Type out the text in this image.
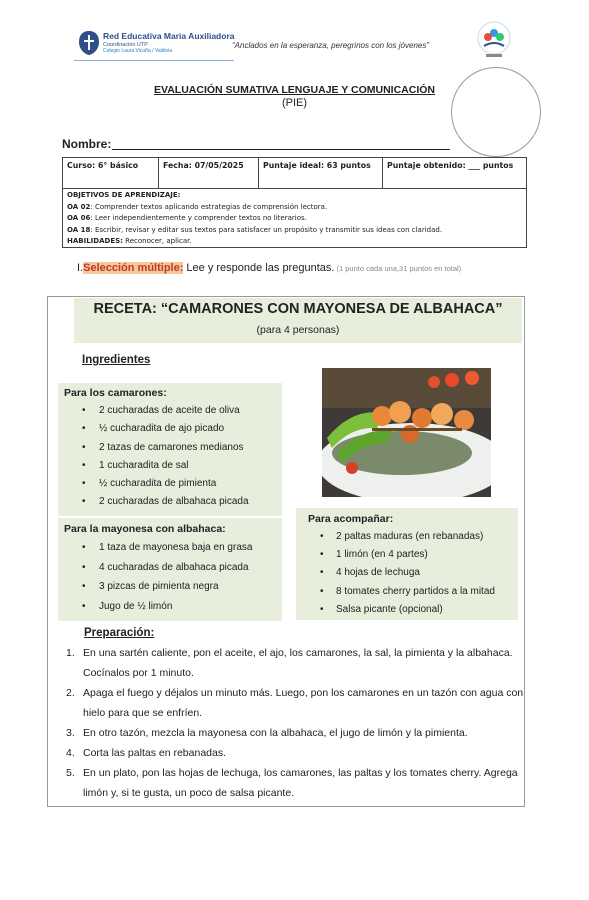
Red Educativa Maria Auxiliadora
Coordinación UTP
Colegio Laura Vicuña / Valdivia
“Anclados en la esperanza, peregrinos con los jóvenes”
EVALUACIÓN SUMATIVA LENGUAJE Y COMUNICACIÓN
(PIE)
Nombre:
Curso: 6° básico	Fecha: 07/05/2025	Puntaje ideal: 63 puntos	Puntaje obtenido: ___ puntos
OBJETIVOS DE APRENDIZAJE:
OA 02: Comprender textos aplicando estrategias de comprensión lectora.
OA 06: Leer independientemente y comprender textos no literarios.
OA 18: Escribir, revisar y editar sus textos para satisfacer un propósito y transmitir sus ideas con claridad.
HABILIDADES: Reconocer, aplicar.
I.Selección múltiple: Lee y responde las preguntas. (1 punto cada una,31 puntos en total)
RECETA: “CAMARONES CON MAYONESA DE ALBAHACA”
(para 4 personas)
Ingredientes

Para los camarones:

• 2 cucharadas de aceite de oliva
• ½ cucharadita de ajo picado
• 2 tazas de camarones medianos
• 1 cucharadita de sal
• ½ cucharadita de pimienta
• 2 cucharadas de albahaca picada

Para la mayonesa con albahaca:

• 1 taza de mayonesa baja en grasa
• 4 cucharadas de albahaca picada
• 3 pizcas de pimienta negra
• Jugo de ½ limón

Para acompañar:

• 2 paltas maduras (en rebanadas)
• 1 limón (en 4 partes)
• 4 hojas de lechuga
• 8 tomates cherry partidos a la mitad
• Salsa picante (opcional)
Preparación:
1. En una sartén caliente, pon el aceite, el ajo, los camarones, la sal, la pimienta y la albahaca. Cocínalos por 1 minuto.
2. Apaga el fuego y déjalos un minuto más. Luego, pon los camarones en un tazón con agua con hielo para que se enfríen.
3. En otro tazón, mezcla la mayonesa con la albahaca, el jugo de limón y la pimienta.
4. Corta las paltas en rebanadas.
5. En un plato, pon las hojas de lechuga, los camarones, las paltas y los tomates cherry. Agrega limón y, si te gusta, un poco de salsa picante.
